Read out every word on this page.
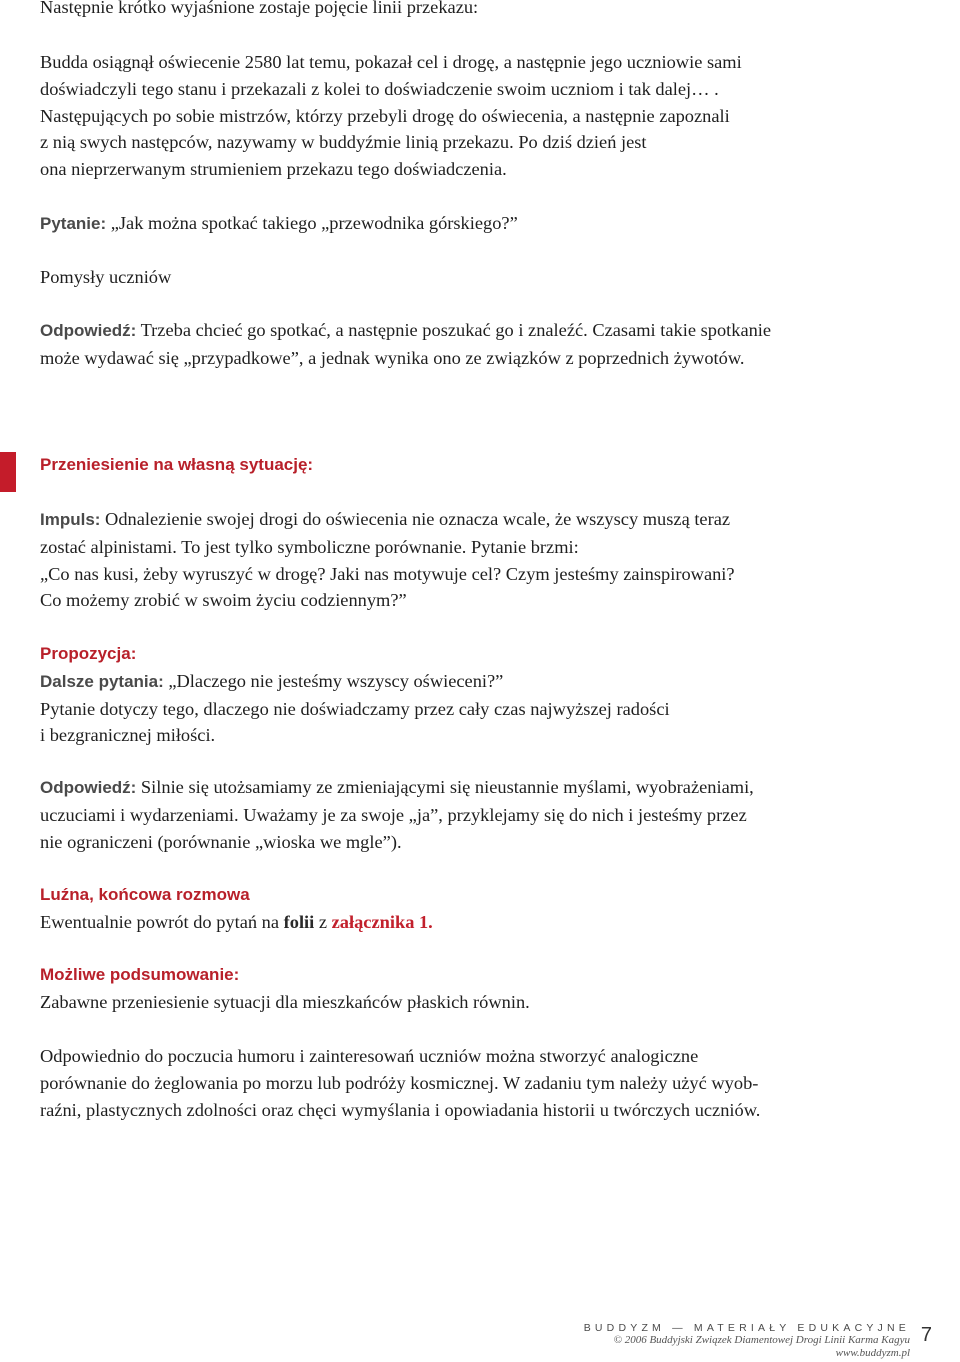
Następnie krótko wyjaśnione zostaje pojęcie linii przekazu:

Budda osiągnął oświecenie 2580 lat temu, pokazał cel i drogę, a następnie jego uczniowie sami
doświadczyli tego stanu i przekazali z kolei to doświadczenie swoim uczniom i tak dalej… .
Następujących po sobie mistrzów, którzy przebyli drogę do oświecenia, a następnie zapoznali
z nią swych następców, nazywamy w buddyźmie linią przekazu. Po dziś dzień jest
ona nieprzerwanym strumieniem przekazu tego doświadczenia.
Pytanie: „Jak można spotkać takiego „przewodnika górskiego?”

Pomysły uczniów

Odpowiedź: Trzeba chcieć go spotkać, a następnie poszukać go i znaleźć. Czasami takie spotkanie
może wydawać się „przypadkowe”, a jednak wynika ono ze związków z poprzednich żywotów.
Przeniesienie na własną sytuację:
Impuls: Odnalezienie swojej drogi do oświecenia nie oznacza wcale, że wszyscy muszą teraz
zostać alpinistami. To jest tylko symboliczne porównanie. Pytanie brzmi:
„Co nas kusi, żeby wyruszyć w drogę? Jaki nas motywuje cel? Czym jesteśmy zainspirowani?
Co możemy zrobić w swoim życiu codziennym?”
Propozycja:
Dalsze pytania: „Dlaczego nie jesteśmy wszyscy oświeceni?”
Pytanie dotyczy tego, dlaczego nie doświadczamy przez cały czas najwyższej radości
i bezgranicznej miłości.
Odpowiedź: Silnie się utożsamiamy ze zmieniającymi się nieustannie myślami, wyobrażeniami,
uczuciami i wydarzeniami. Uważamy je za swoje „ja”, przyklejamy się do nich i jesteśmy przez
nie ograniczeni (porównanie „wioska we mgle”).
Luźna, końcowa rozmowa
Ewentualnie powrót do pytań na folii z załącznika 1.
Możliwe podsumowanie:
Zabawne przeniesienie sytuacji dla mieszkańców płaskich równin.
Odpowiednio do poczucia humoru i zainteresowań uczniów można stworzyć analogiczne
porównanie do żeglowania po morzu lub podróży kosmicznej. W zadaniu tym należy użyć wyob-
raźni, plastycznych zdolności oraz chęci wymyślania i opowiadania historii u twórczych uczniów.
BUDDYZM — MATERIAŁY EDUKACYJNE
© 2006 Buddyjski Związek Diamentowej Drogi Linii Karma Kagyu
www.buddyzm.pl
7
